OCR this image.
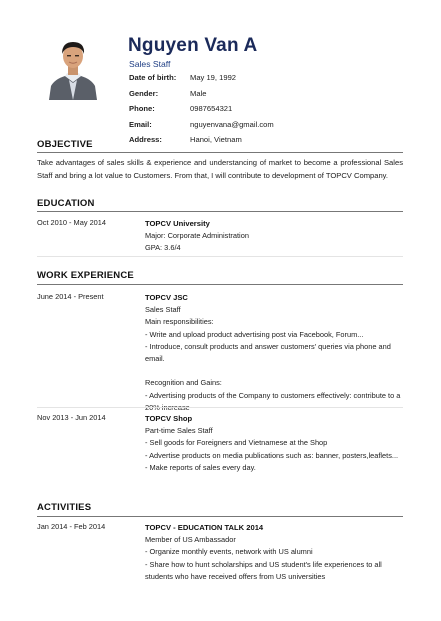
Nguyen Van A
Sales Staff
Date of birth:	May 19, 1992
Gender:	Male
Phone:	0987654321
Email:	nguyenvana@gmail.com
Address:	Hanoi, Vietnam
OBJECTIVE
Take advantages of sales skills & experience and understancing of market to become a professional Sales Staff and bring a lot value to Customers. From that, I will contribute to development of TOPCV Company.
EDUCATION
Oct 2010 - May 2014	TOPCV University
Major: Corporate Administration
GPA: 3.6/4
WORK EXPERIENCE
June 2014 - Present	TOPCV JSC
Sales Staff
Main responsibilities:
- Write and upload product advertising post via Facebook, Forum...
- Introduce, consult products and answer customers' queries via phone and email.
Recognition and Gains:
- Advertising products of the Company to customers effectively: contribute to a 20% increase
Nov 2013 - Jun 2014	TOPCV Shop
Part-time Sales Staff
- Sell goods for Foreigners and Vietnamese at the Shop
- Advertise products on media publications such as: banner, posters,leaflets...
- Make reports of sales every day.
ACTIVITIES
Jan 2014 - Feb 2014	TOPCV - EDUCATION TALK 2014
Member of US Ambassador
- Organize monthly events, network with US alumni
- Share how to hunt scholarships and US student's life experiences to all students who have received offers from US universities
